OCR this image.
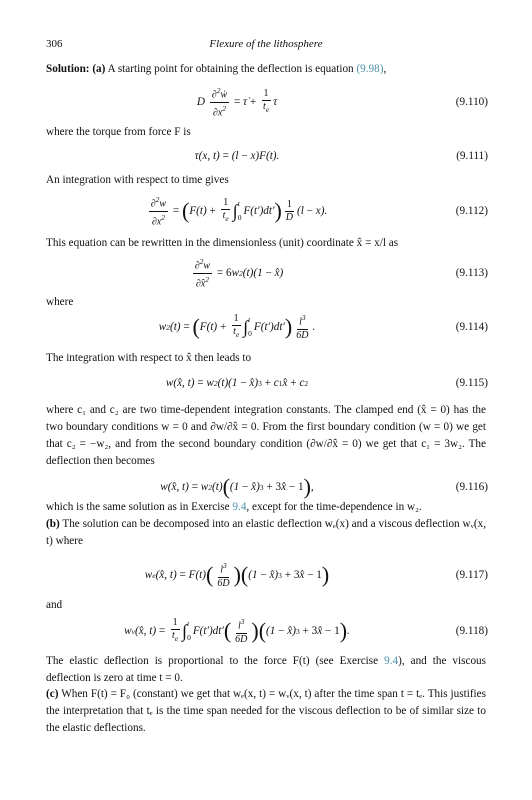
306	Flexure of the lithosphere
Solution: (a) A starting point for obtaining the deflection is equation (9.98),
D $\frac{\partial^2ẇ}{\partial x^2}$
= τ̇ +
$\frac{1}{t_e}$ τ	(9.110)
where the torque from force F is
τ(x, t) = (l − x)F(t).	(9.111)
An integration with respect to time gives
$\frac{\partial^2w}{\partial x^2}$ = ( $F(t) + \frac{1}{t_e}$ ∫ t
0
F(t′)dt′ ) $\frac{1}{D} (l - x)$.	(9.112)
This equation can be rewritten in the dimensionless (unit) coordinate x̂ = x/l as
$\frac{\partial^2w}{\partial x̂^2} = 6$ w 2 (t)(1 − x̂)	(9.113)
where
w 2 (t) = ( $F(t) + \frac{1}{t_e}$ ∫ t
0
F(t′)dt′ ) $\frac{l^3}{6D}$ .	(9.114)
The integration with respect to x̂ then leads to
w(x̂, t) = w 2 (t)(1 − x̂) 3 + c 1 x̂ + c 2	(9.115)
where c₁ and c₂ are two time-dependent integration constants. The clamped end (x̂ = 0) has the two boundary conditions w = 0 and ∂w/∂x̂ = 0. From the first boundary condition (w = 0) we get that c₂ = −w₂, and from the second boundary condition (∂w/∂x̂ = 0) we get that c₁ = 3w₂. The deflection then becomes
w(x̂, t) = w 2 (t) ( (1 − x̂) 3 + 3 x̂ − 1 ) ,	(9.116)
which is the same solution as in Exercise 9.4, except for the time-dependence in w₂.
(b) The solution can be decomposed into an elastic deflection wₑ(x) and a viscous deflection wᵥ(x, t) where
w e (x̂, t) = F(t) ( $\frac{l^3}{6D}$ ) ( (1 − x̂) 3 + 3 x̂ − 1 )	(9.117)
and
w v (x̂, $t) = \frac{1}{t_e}$ ∫ t
0
F(t′)dt′ ( $\frac{l^3}{6D}$ ) ( (1 − x̂) 3 + 3 x̂ − 1 ) .	(9.118)
The elastic deflection is proportional to the force F(t) (see Exercise 9.4), and the viscous deflection is zero at time t = 0.
(c) When F(t) = F₀ (constant) we get that wₑ(x, t) = wᵥ(x, t) after the time span t = tₑ. This justifies the interpretation that tₑ is the time span needed for the viscous deflection to be of similar size to the elastic deflections.
